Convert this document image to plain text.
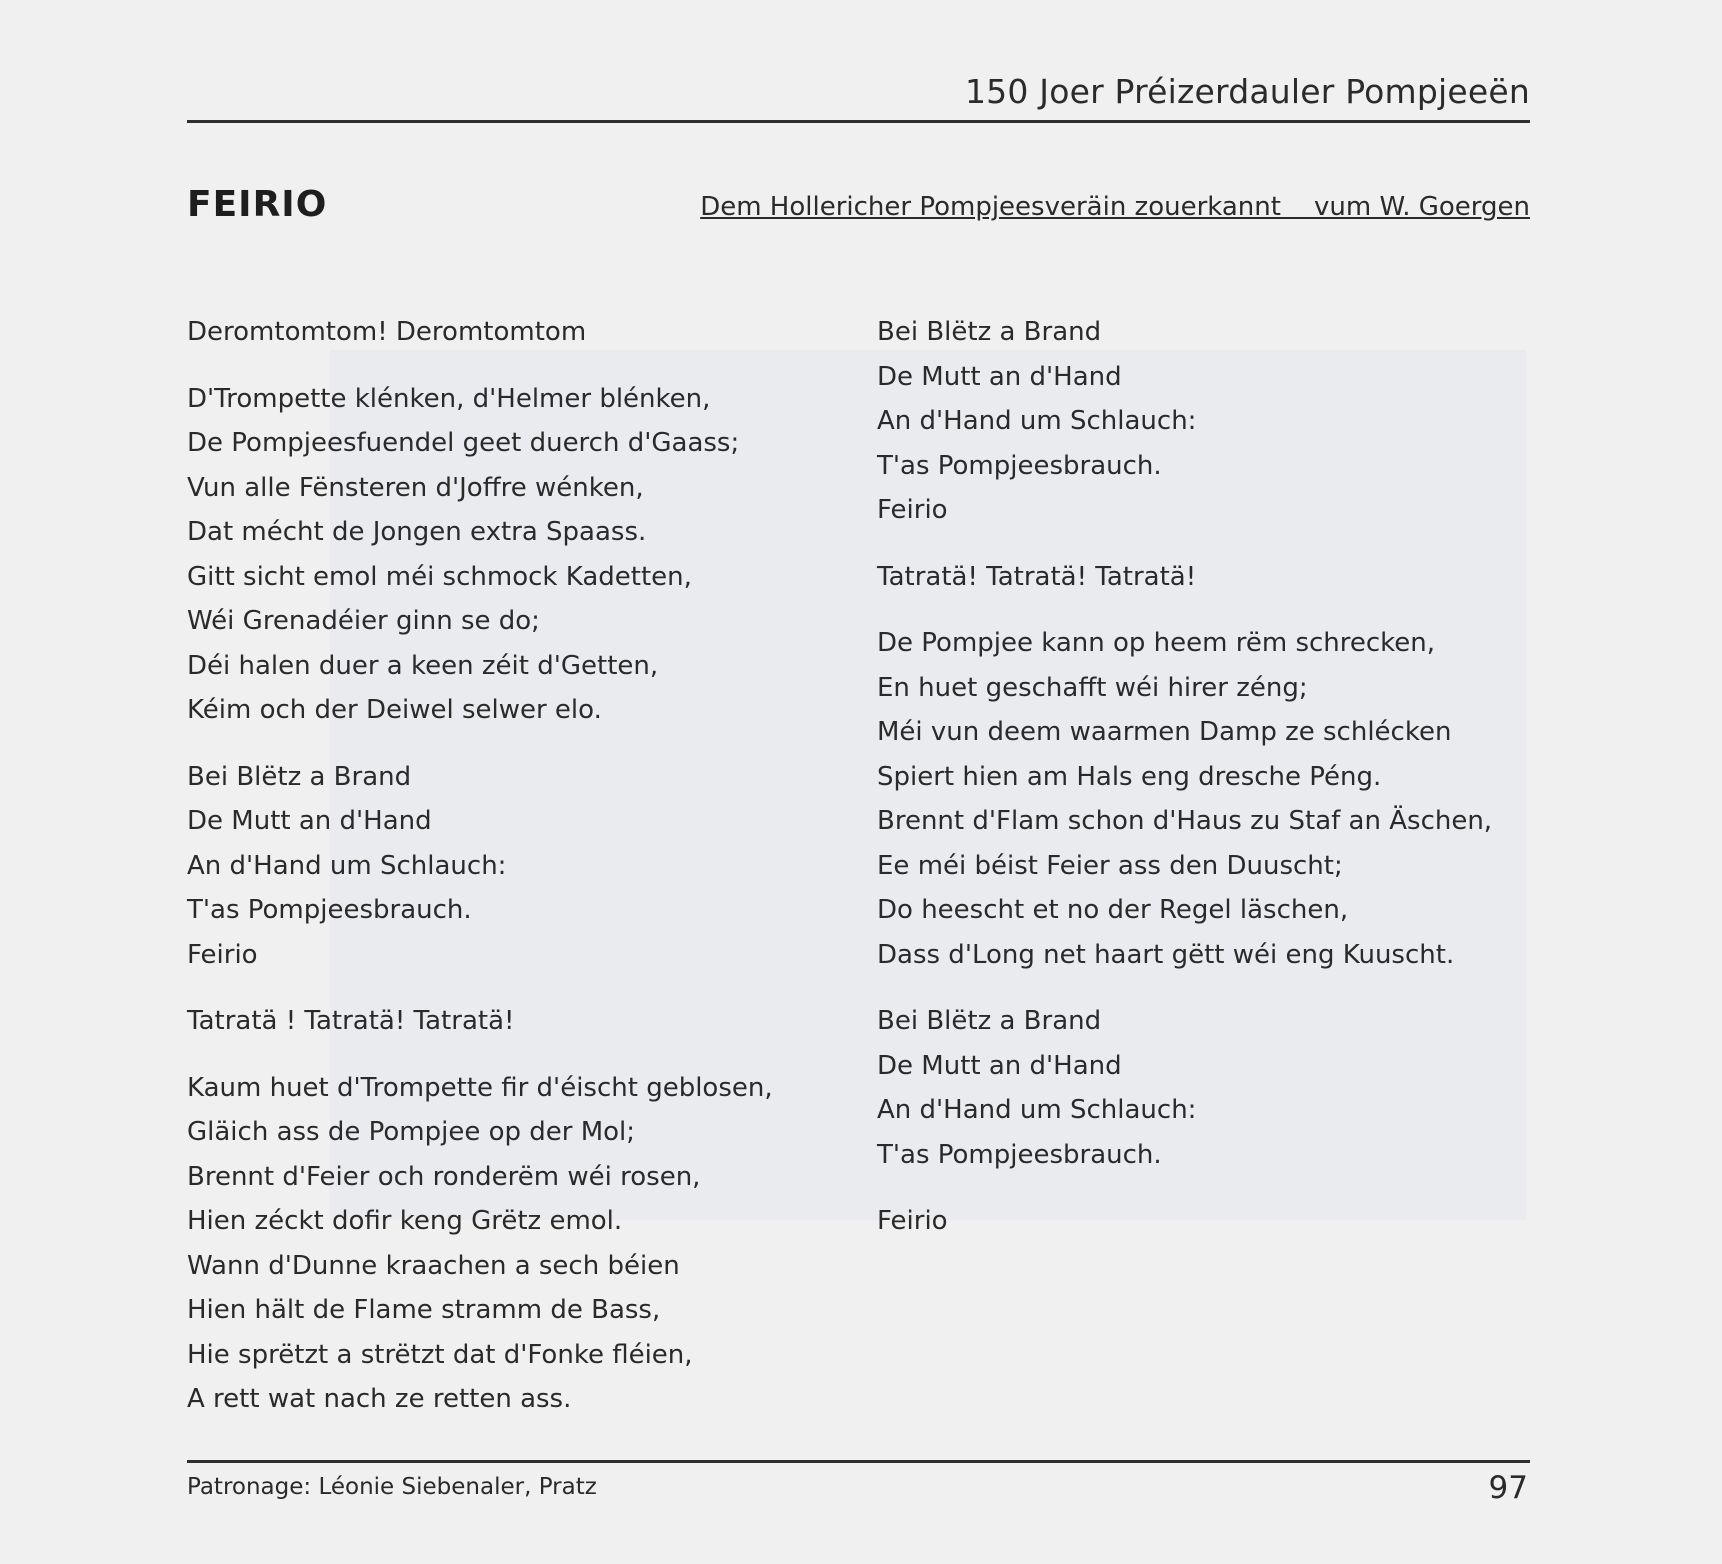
150 Joer Préizerdauler Pompjeeën
FEIRIO	Dem Hollericher Pompjeesveräin zouerkannt    vum W. Goergen
Deromtomtom! Deromtomtom
D'Trompette klénken, d'Helmer blénken,
De Pompjeesfuendel geet duerch d'Gaass;
Vun alle Fënsteren d'Joffre wénken,
Dat mécht de Jongen extra Spaass.
Gitt sicht emol méi schmock Kadetten,
Wéi Grenadéier ginn se do;
Déi halen duer a keen zéit d'Getten,
Kéim och der Deiwel selwer elo.
Bei Blëtz a Brand
De Mutt an d'Hand
An d'Hand um Schlauch:
T'as Pompjeesbrauch.
Feirio
Tatratä ! Tatratä! Tatratä!
Kaum huet d'Trompette fir d'éischt geblosen,
Gläich ass de Pompjee op der Mol;
Brennt d'Feier och ronderëm wéi rosen,
Hien zéckt dofir keng Grëtz emol.
Wann d'Dunne kraachen a sech béien
Hien hält de Flame stramm de Bass,
Hie sprëtzt a strëtzt dat d'Fonke fléien,
A rett wat nach ze retten ass.
Bei Blëtz a Brand
De Mutt an d'Hand
An d'Hand um Schlauch:
T'as Pompjeesbrauch.
Feirio
Tatratä! Tatratä! Tatratä!
De Pompjee kann op heem rëm schrecken,
En huet geschafft wéi hirer zéng;
Méi vun deem waarmen Damp ze schlécken
Spiert hien am Hals eng dresche Péng.
Brennt d'Flam schon d'Haus zu Staf an Äschen,
Ee méi béist Feier ass den Duuscht;
Do heescht et no der Regel läschen,
Dass d'Long net haart gëtt wéi eng Kuuscht.
Bei Blëtz a Brand
De Mutt an d'Hand
An d'Hand um Schlauch:
T'as Pompjeesbrauch.
Feirio
Patronage: Léonie Siebenaler, Pratz	97
